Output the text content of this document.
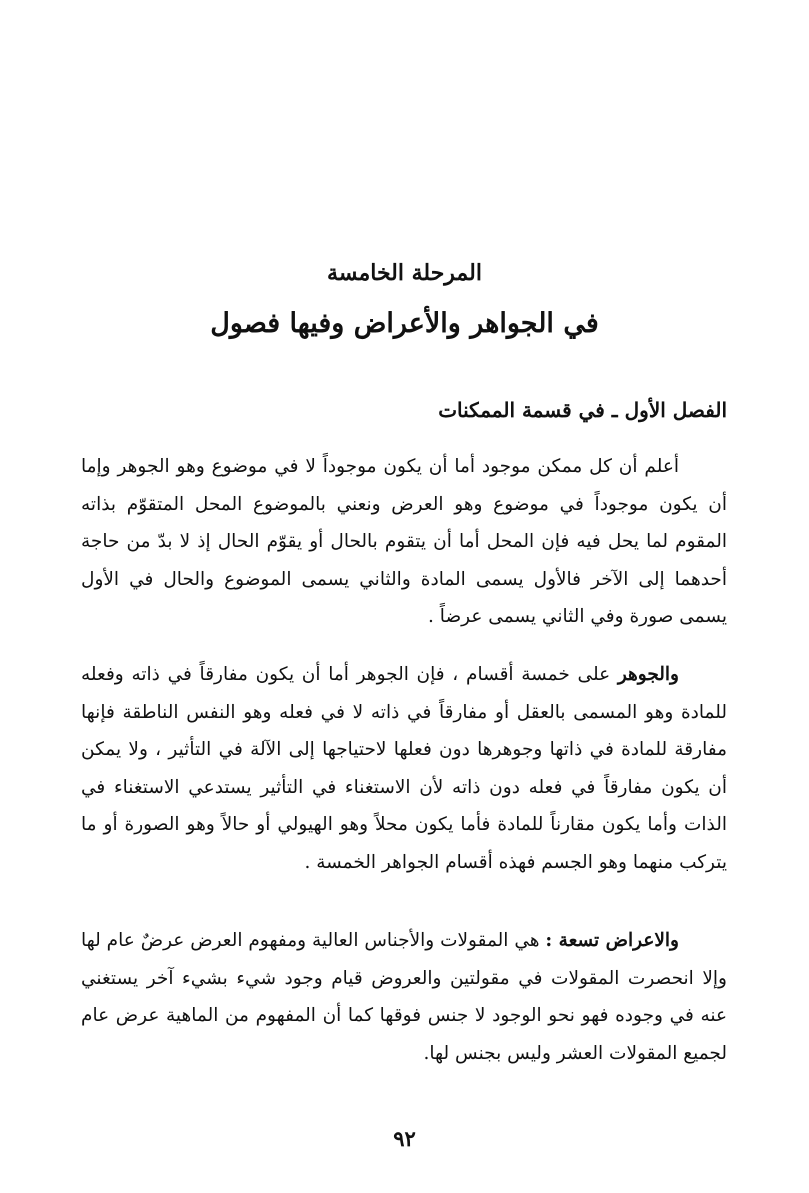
المرحلة الخامسة
في الجواهر والأعراض وفيها فصول
الفصل الأول ـ في قسمة الممكنات

أعلم أن كل ممكن موجود أما أن يكون موجوداً لا في موضوع وهو الجوهر وإما أن يكون موجوداً في موضوع وهو العرض ونعني بالموضوع المحل المتقوّم بذاته المقوم لما يحل فيه فإن المحل أما أن يتقوم بالحال أو يقوّم الحال إذ لا بدّ من حاجة أحدهما إلى الآخر فالأول يسمى المادة والثاني يسمى الموضوع والحال في الأول يسمى صورة وفي الثاني يسمى عرضاً .

والجوهر على خمسة أقسام ، فإن الجوهر أما أن يكون مفارقاً في ذاته وفعله للمادة وهو المسمى بالعقل أو مفارقاً في ذاته لا في فعله وهو النفس الناطقة فإنها مفارقة للمادة في ذاتها وجوهرها دون فعلها لاحتياجها إلى الآلة في التأثير ، ولا يمكن أن يكون مفارقاً في فعله دون ذاته لأن الاستغناء في التأثير يستدعي الاستغناء في الذات وأما يكون مقارناً للمادة فأما يكون محلاً وهو الهيولي أو حالاً وهو الصورة أو ما يتركب منهما وهو الجسم فهذه أقسام الجواهر الخمسة .

والاعراض تسعة : هي المقولات والأجناس العالية ومفهوم العرض عرضٌ عام لها وإلا انحصرت المقولات في مقولتين والعروض قيام وجود شيء بشيء آخر يستغني عنه في وجوده فهو نحو الوجود لا جنس فوقها كما أن المفهوم من الماهية عرض عام لجميع المقولات العشر وليس بجنس لها.

٩٢
